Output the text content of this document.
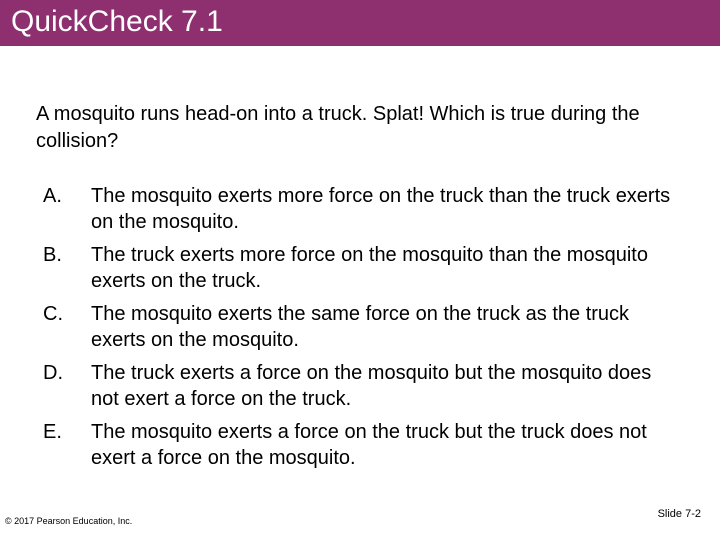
QuickCheck 7.1
A mosquito runs head-on into a truck. Splat! Which is true during the collision?
A.	The mosquito exerts more force on the truck than the truck exerts on the mosquito.
B.	The truck exerts more force on the mosquito than the mosquito exerts on the truck.
C.	The mosquito exerts the same force on the truck as the truck exerts on the mosquito.
D.	The truck exerts a force on the mosquito but the mosquito does not exert a force on the truck.
E.	The mosquito exerts a force on the truck but the truck does not exert a force on the mosquito.
© 2017 Pearson Education, Inc.
Slide 7-2
